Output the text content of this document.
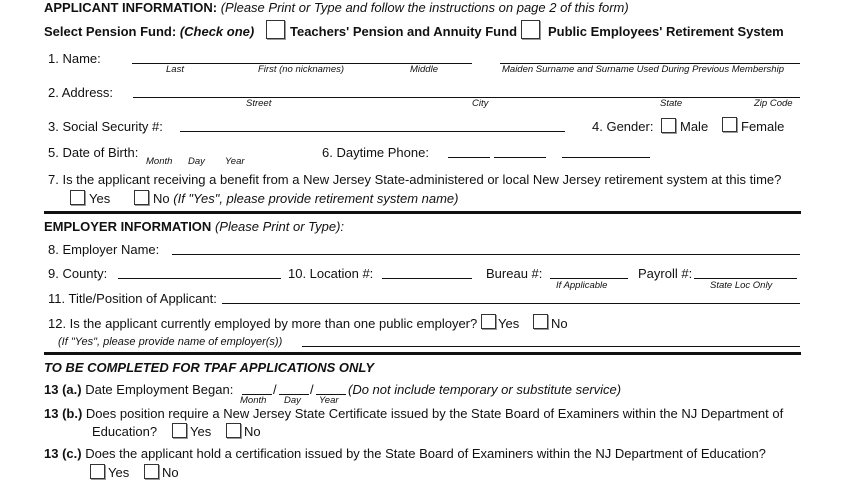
APPLICANT INFORMATION: (Please Print or Type and follow the instructions on page 2 of this form)
Select Pension Fund: (Check one)	Teachers' Pension and Annuity Fund Public Employees' Retirement System
1. Name:
Last	First (no nicknames)	Middle	Maiden Surname and Surname Used During Previous Membership
2. Address:
Street	City	State	Zip Code
3. Social Security #:	4. Gender: Male	Female
5. Date of Birth:
Month Day Year
6. Daytime Phone:
7. Is the applicant receiving a benefit from a New Jersey State-administered or local New Jersey retirement system at this time?
Yes	No (If "Yes", please provide retirement system name)
EMPLOYER INFORMATION (Please Print or Type):
8. Employer Name:
9. County:	10. Location #:	Bureau #:
If Applicable
Payroll #:
State Loc Only
11. Title/Position of Applicant:
12. Is the applicant currently employed by more than one public employer? Yes No
(If "Yes", please provide name of employer(s))
TO BE COMPLETED FOR TPAF APPLICATIONS ONLY
13 (a.) Date Employment Began:	/	/	(Do not include temporary or substitute service)
Month Day Year
13 (b.) Does position require a New Jersey State Certificate issued by the State Board of Examiners within the NJ Department of
Education?	Yes	No
13 (c.) Does the applicant hold a certification issued by the State Board of Examiners within the NJ Department of Education?
Yes	No
